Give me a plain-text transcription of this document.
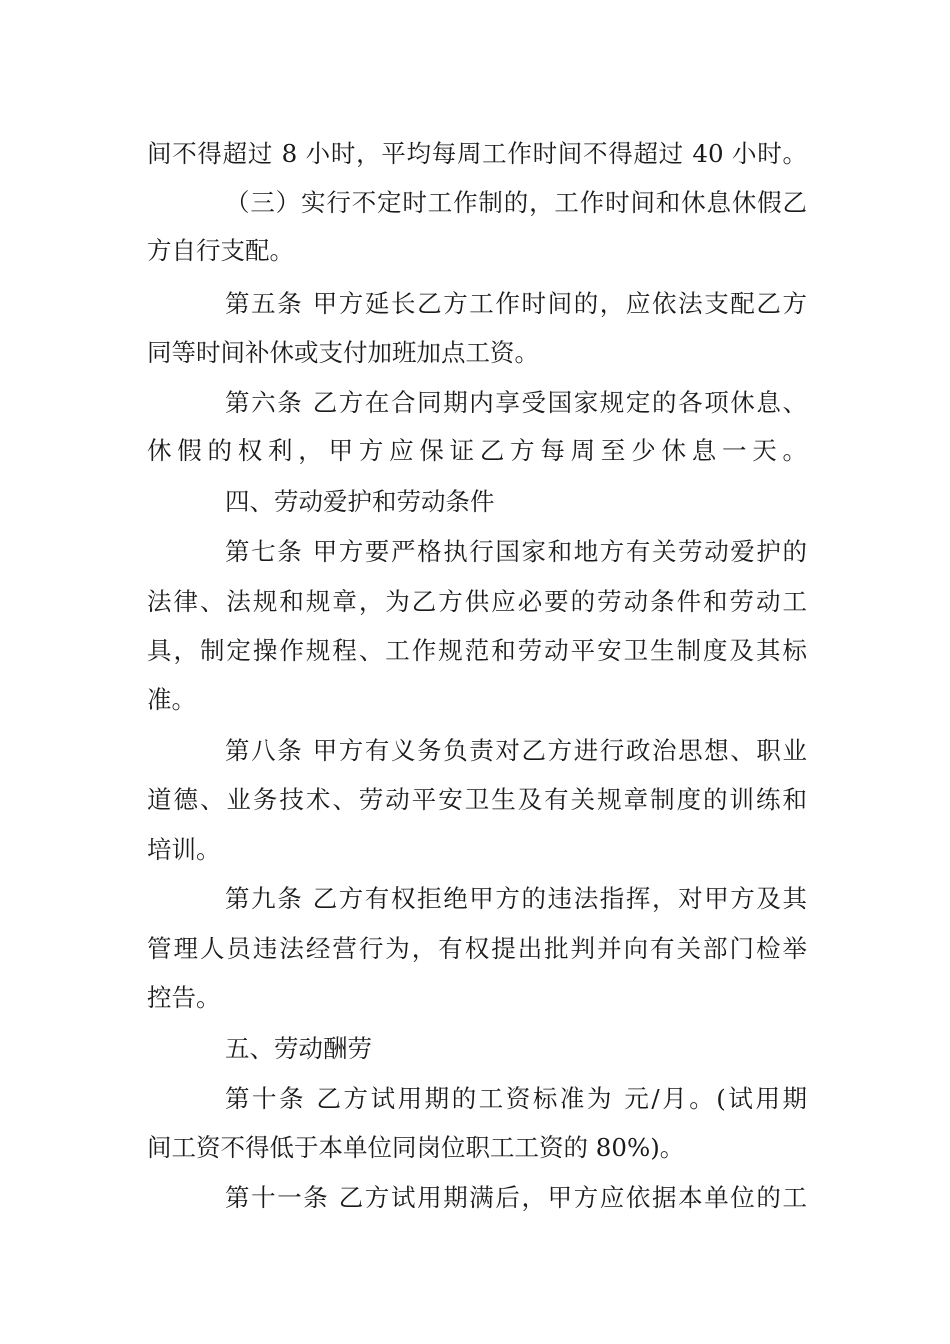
间不得超过 8 小时，平均每周工作时间不得超过 40 小时。
（三）实行不定时工作制的，工作时间和休息休假乙
方自行支配。
第五条 甲方延长乙方工作时间的，应依法支配乙方
同等时间补休或支付加班加点工资。
第六条 乙方在合同期内享受国家规定的各项休息、
休假的权利，甲方应保证乙方每周至少休息一天。
四、劳动爱护和劳动条件
第七条 甲方要严格执行国家和地方有关劳动爱护的
法律、法规和规章，为乙方供应必要的劳动条件和劳动工
具，制定操作规程、工作规范和劳动平安卫生制度及其标
准。
第八条 甲方有义务负责对乙方进行政治思想、职业
道德、业务技术、劳动平安卫生及有关规章制度的训练和
培训。
第九条 乙方有权拒绝甲方的违法指挥，对甲方及其
管理人员违法经营行为，有权提出批判并向有关部门检举
控告。
五、劳动酬劳
第十条 乙方试用期的工资标准为 元/月。(试用期
间工资不得低于本单位同岗位职工工资的 80%)。
第十一条 乙方试用期满后，甲方应依据本单位的工
